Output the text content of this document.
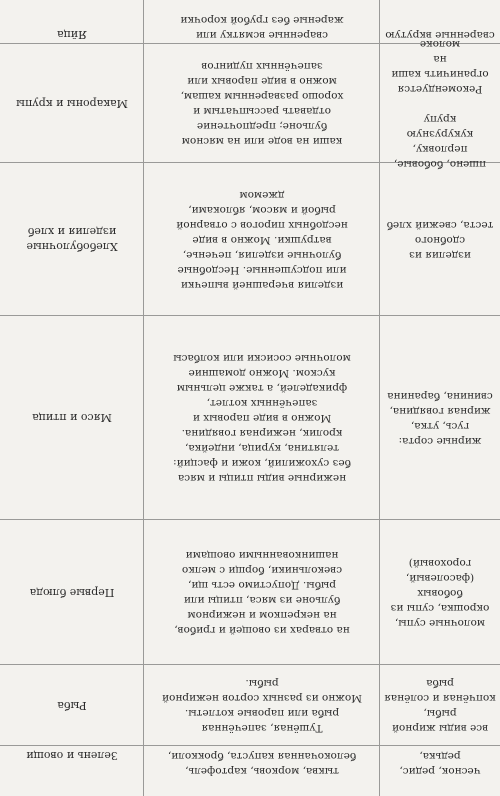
чеснок, редис, редька,
тыква, морковь, картофель,
белокочанная капуста, брокколи,
Зелень и овощи
все виды жирной рыбы,
копчёная и солёная рыба
Тушёная, запечённая
рыба или паровые котлеты.
Можно из разных сортов нежирной рыбы.
Рыба
молочные супы,
окрошка, супы из
бобовых (фасолевый,
гороховый)
на отварах из овощей и грибов,
на некрепком и нежирном
бульоне из мяса, птицы или
рыбы. Допустимо есть щи,
свекольники, борщи с мелко
нашинкованными овощами
Первые блюда
жирные сорта: гусь, утка,
жирная говядина,
свинина, баранина
нежирные виды птицы и мяса
без сухожилий, кожи и фасций:
телятина, курица, индейка,
кролик, нежирная говядина.
Можно в виде паровых и
запечённых котлет,
фрикаделей, а также цельным
куском. Можно домашние
молочные сосиски или колбасы
Мясо и птица
изделия из сдобного
теста, свежий хлеб
изделия вчерашней выпечки
или подсушенные. Несдобные
булочные изделия, печенье,
ватрушки. Можно в виде
несдобных пирогов с отварной
рыбой и мясом, яблоками,
джемом
Хлебобулочные
изделия и хлеб
пшено, бобовые,
перловку, кукурузную
крупу

Рекомендуется
ограничить каши на
молоке
каши на воде или на мясном
бульоне; предпочтение
отдавать рассыпчатым и
хорошо разваренным кашам,
можно в виде паровых или
запечённых пудингов
Макароны и крупы
сваренные вкрутую
сваренные всмятку или
жареные без грубой корочки
Яйца
